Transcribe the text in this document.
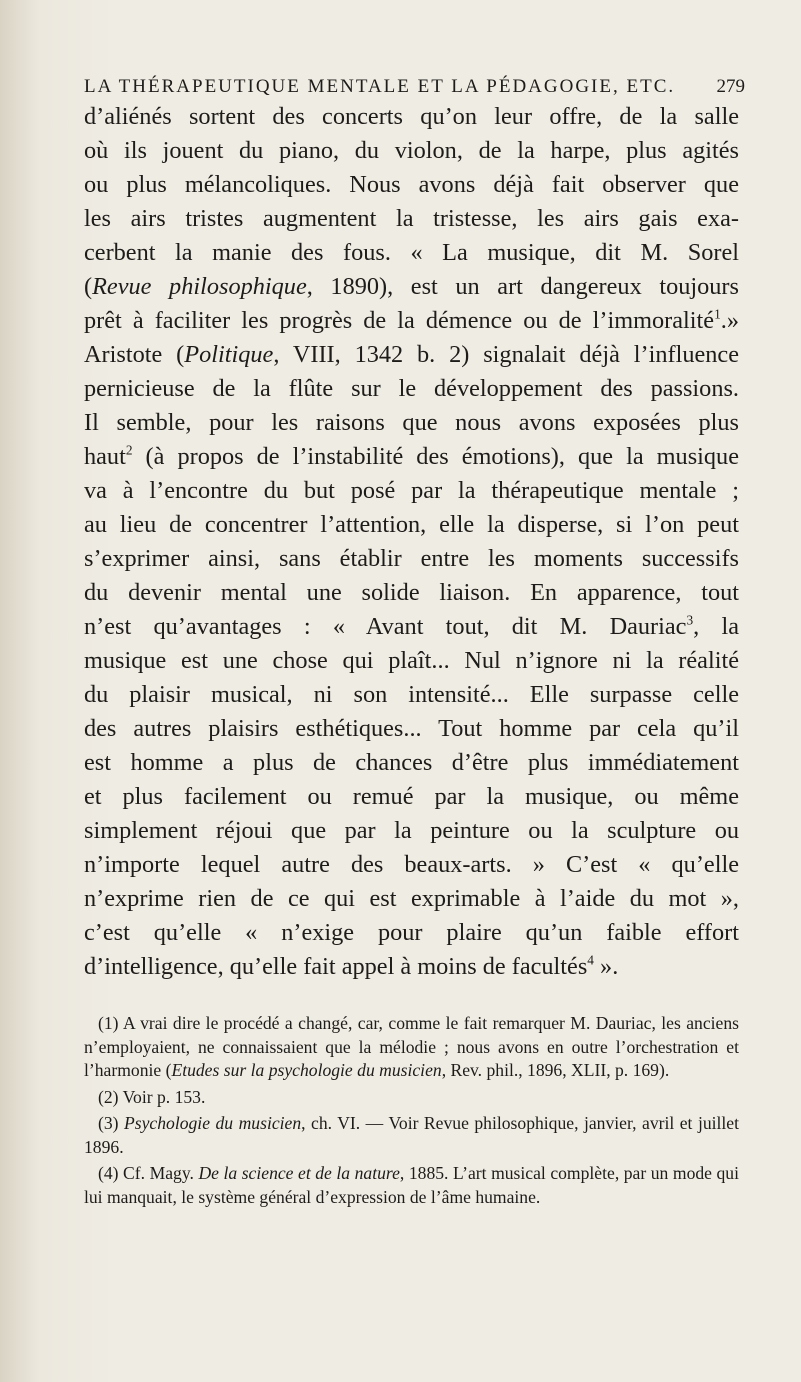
LA THÉRAPEUTIQUE MENTALE ET LA PÉDAGOGIE, ETC. 279
d’aliénés sortent des concerts qu’on leur offre, de la salle
où ils jouent du piano, du violon, de la harpe, plus agités
ou plus mélancoliques. Nous avons déjà fait observer que
les airs tristes augmentent la tristesse, les airs gais exa-
cerbent la manie des fous. « La musique, dit M. Sorel
(Revue philosophique, 1890), est un art dangereux toujours
prêt à faciliter les progrès de la démence ou de l’immoralité$^1$.»
Aristote (Politique, VIII, 1342 b. 2) signalait déjà l’influence
pernicieuse de la flûte sur le développement des passions.
Il semble, pour les raisons que nous avons exposées plus
haut$^2$ (à propos de l’instabilité des émotions), que la musique
va à l’encontre du but posé par la thérapeutique mentale ;
au lieu de concentrer l’attention, elle la disperse, si l’on peut
s’exprimer ainsi, sans établir entre les moments successifs
du devenir mental une solide liaison. En apparence, tout
n’est qu’avantages : « Avant tout, dit M. Dauriac$^3$, la
musique est une chose qui plaît... Nul n’ignore ni la réalité
du plaisir musical, ni son intensité... Elle surpasse celle
des autres plaisirs esthétiques... Tout homme par cela qu’il
est homme a plus de chances d’être plus immédiatement
et plus facilement ou remué par la musique, ou même
simplement réjoui que par la peinture ou la sculpture ou
n’importe lequel autre des beaux-arts. » C’est « qu’elle
n’exprime rien de ce qui est exprimable à l’aide du mot »,
c’est qu’elle « n’exige pour plaire qu’un faible effort
d’intelligence, qu’elle fait appel à moins de facultés$^4$ ».

(1) A vrai dire le procédé a changé, car, comme le fait remarquer M. Dauriac, les anciens n’employaient, ne connaissaient que la mélodie ; nous avons en outre l’orchestration et l’harmonie (Etudes sur la psychologie du musicien, Rev. phil., 1896, XLII, p. 169).

(2) Voir p. 153.

(3) Psychologie du musicien, ch. VI. — Voir Revue philosophique, janvier, avril et juillet 1896.

(4) Cf. Magy. De la science et de la nature, 1885. L’art musical complète, par un mode qui lui manquait, le système général d’expression de l’âme humaine.
